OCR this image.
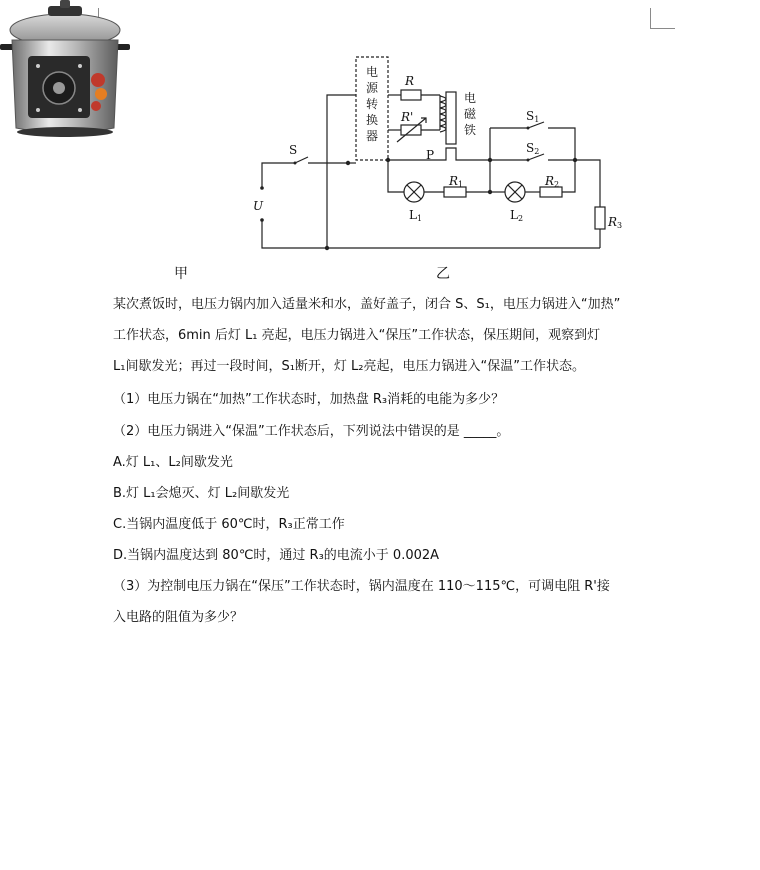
电
源
转
换
器
电
磁
铁
R
R'
U
R1	R2
R3
S	P
S1
S2
L1	L2
甲	乙
某次煮饭时，电压力锅内加入适量米和水，盖好盖子，闭合 S、S₁，电压力锅进入“加热”
工作状态，6min 后灯 L₁ 亮起，电压力锅进入“保压”工作状态，保压期间，观察到灯
L₁间歇发光；再过一段时间，S₁断开，灯 L₂亮起，电压力锅进入“保温”工作状态。
（1）电压力锅在“加热”工作状态时，加热盘 R₃消耗的电能为多少？
（2）电压力锅进入“保温”工作状态后，下列说法中错误的是 _____。
A.灯 L₁、L₂间歇发光
B.灯 L₁会熄灭、灯 L₂间歇发光
C.当锅内温度低于 60℃时，R₃正常工作
D.当锅内温度达到 80℃时，通过 R₃的电流小于 0.002A
（3）为控制电压力锅在“保压”工作状态时，锅内温度在 110～115℃，可调电阻 R'接
入电路的阻值为多少？
